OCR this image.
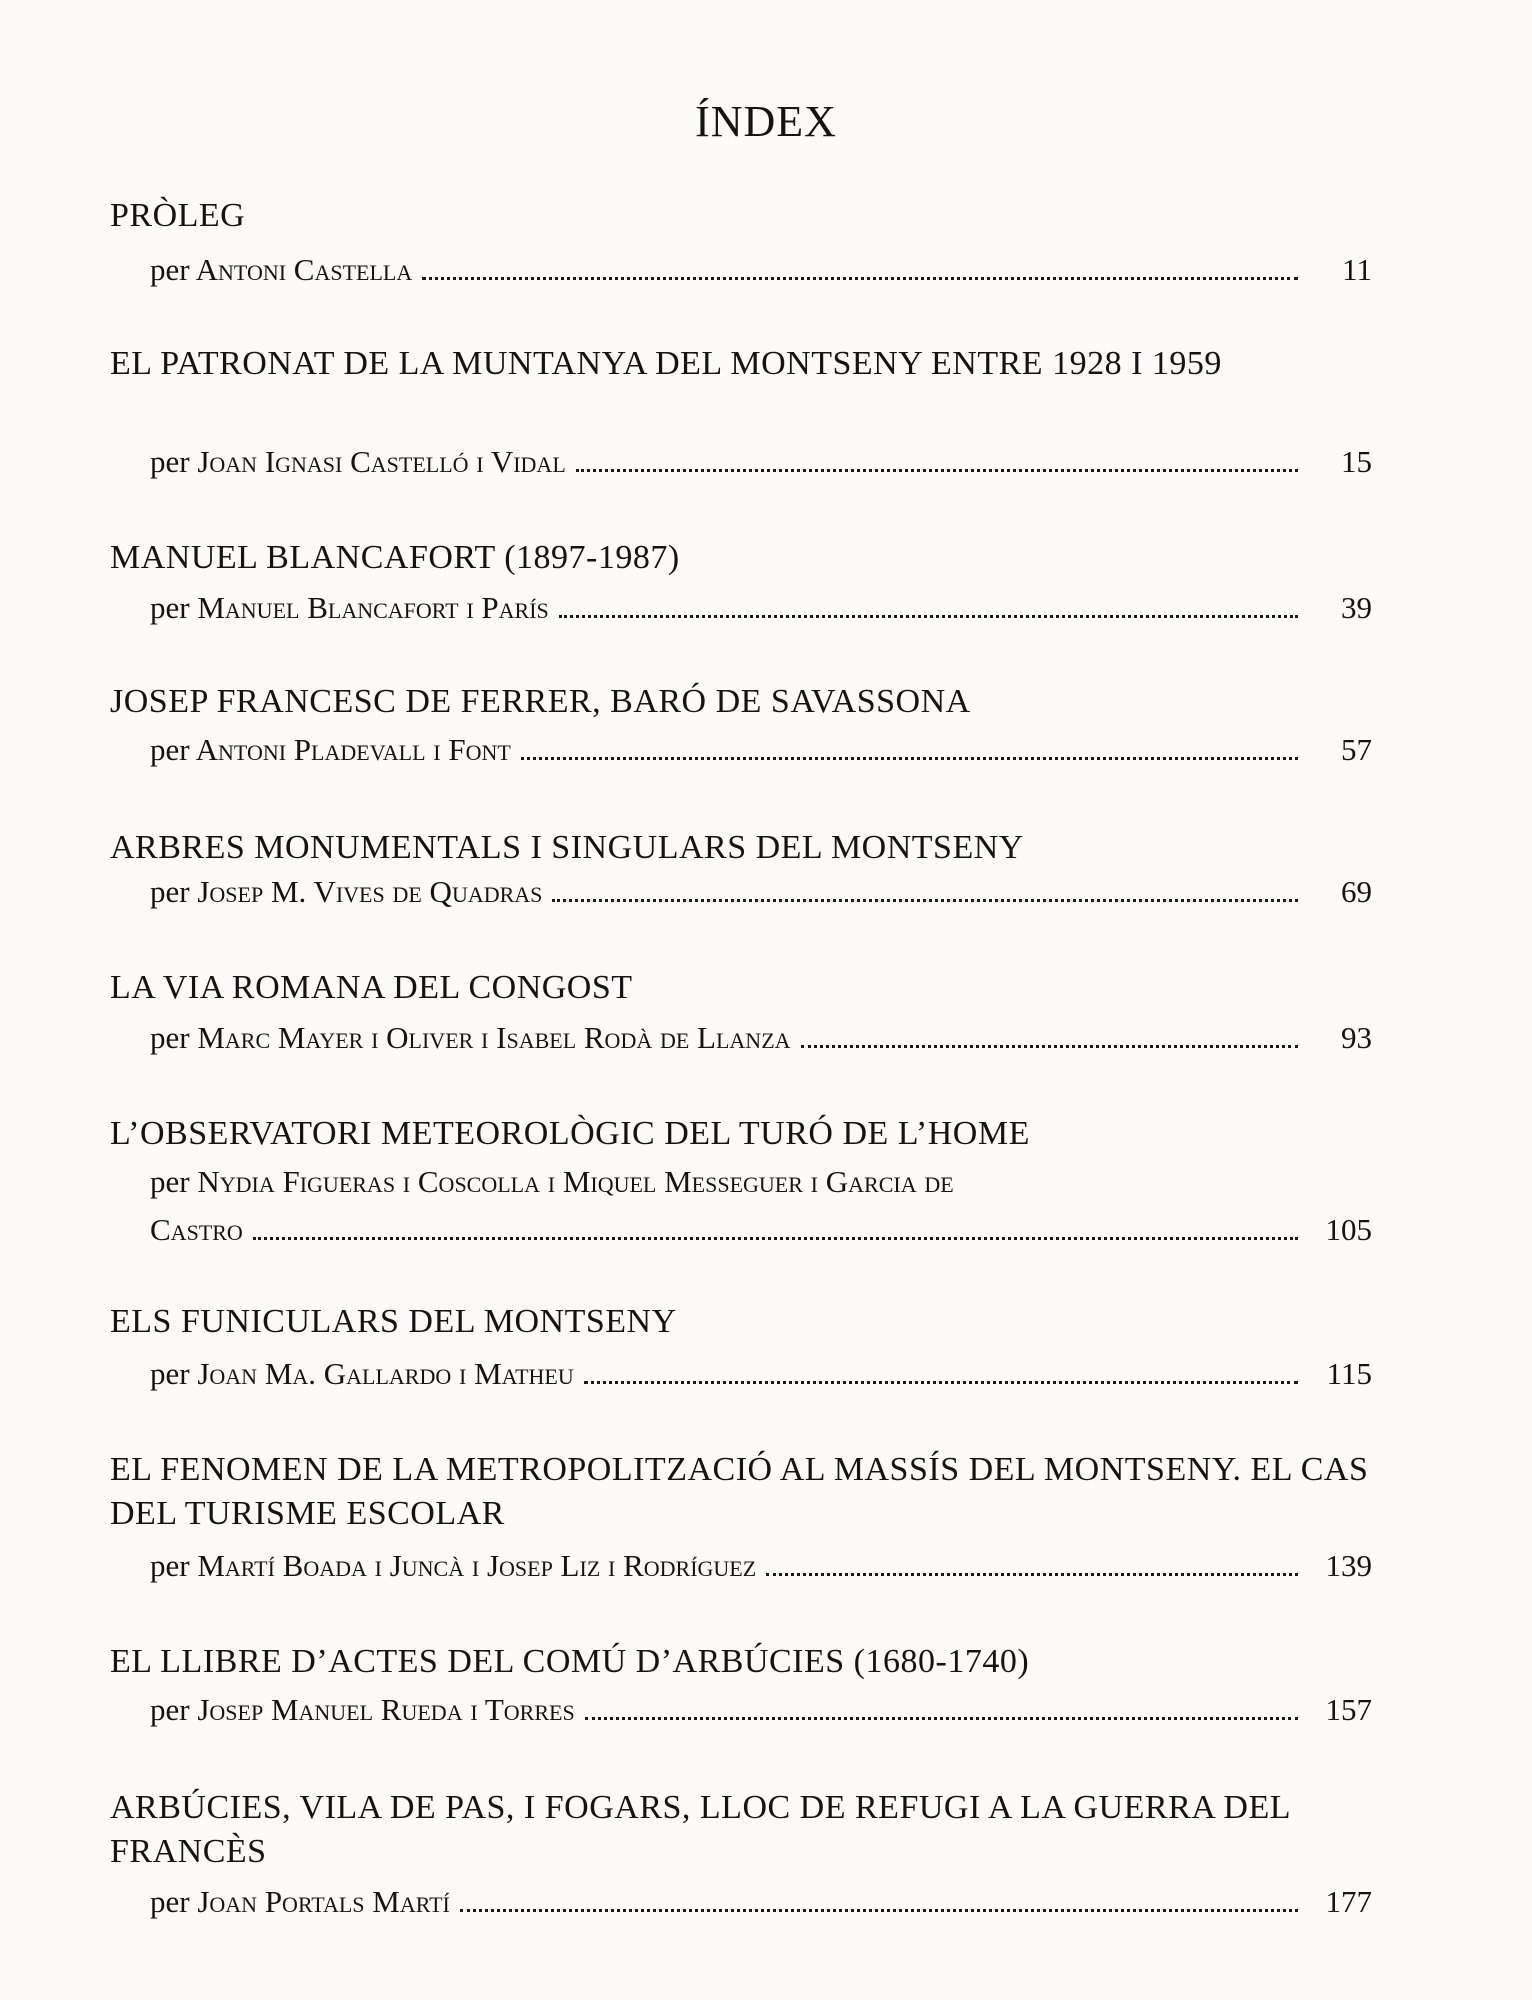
ÍNDEX
PRÒLEG
per Antoni Castella	11
EL PATRONAT DE LA MUNTANYA DEL MONTSENY ENTRE 1928 I 1959
per Joan Ignasi Castelló i Vidal	15
MANUEL BLANCAFORT (1897-1987)
per Manuel Blancafort i París	39
JOSEP FRANCESC DE FERRER, BARÓ DE SAVASSONA
per Antoni Pladevall i Font	57
ARBRES MONUMENTALS I SINGULARS DEL MONTSENY
per Josep M. Vives de Quadras	69
LA VIA ROMANA DEL CONGOST
per Marc Mayer i Oliver i Isabel Rodà de Llanza	93
L’OBSERVATORI METEOROLÒGIC DEL TURÓ DE L’HOME
per Nydia Figueras i Coscolla i Miquel Messeguer i Garcia de
Castro	105
ELS FUNICULARS DEL MONTSENY
per Joan Ma. Gallardo i Matheu	115
EL FENOMEN DE LA METROPOLITZACIÓ AL MASSÍS DEL MONTSENY. EL CAS DEL TURISME ESCOLAR
per Martí Boada i Juncà i Josep Liz i Rodríguez	139
EL LLIBRE D’ACTES DEL COMÚ D’ARBÚCIES (1680-1740)
per Josep Manuel Rueda i Torres	157
ARBÚCIES, VILA DE PAS, I FOGARS, LLOC DE REFUGI A LA GUERRA DEL FRANCÈS
per Joan Portals Martí	177
